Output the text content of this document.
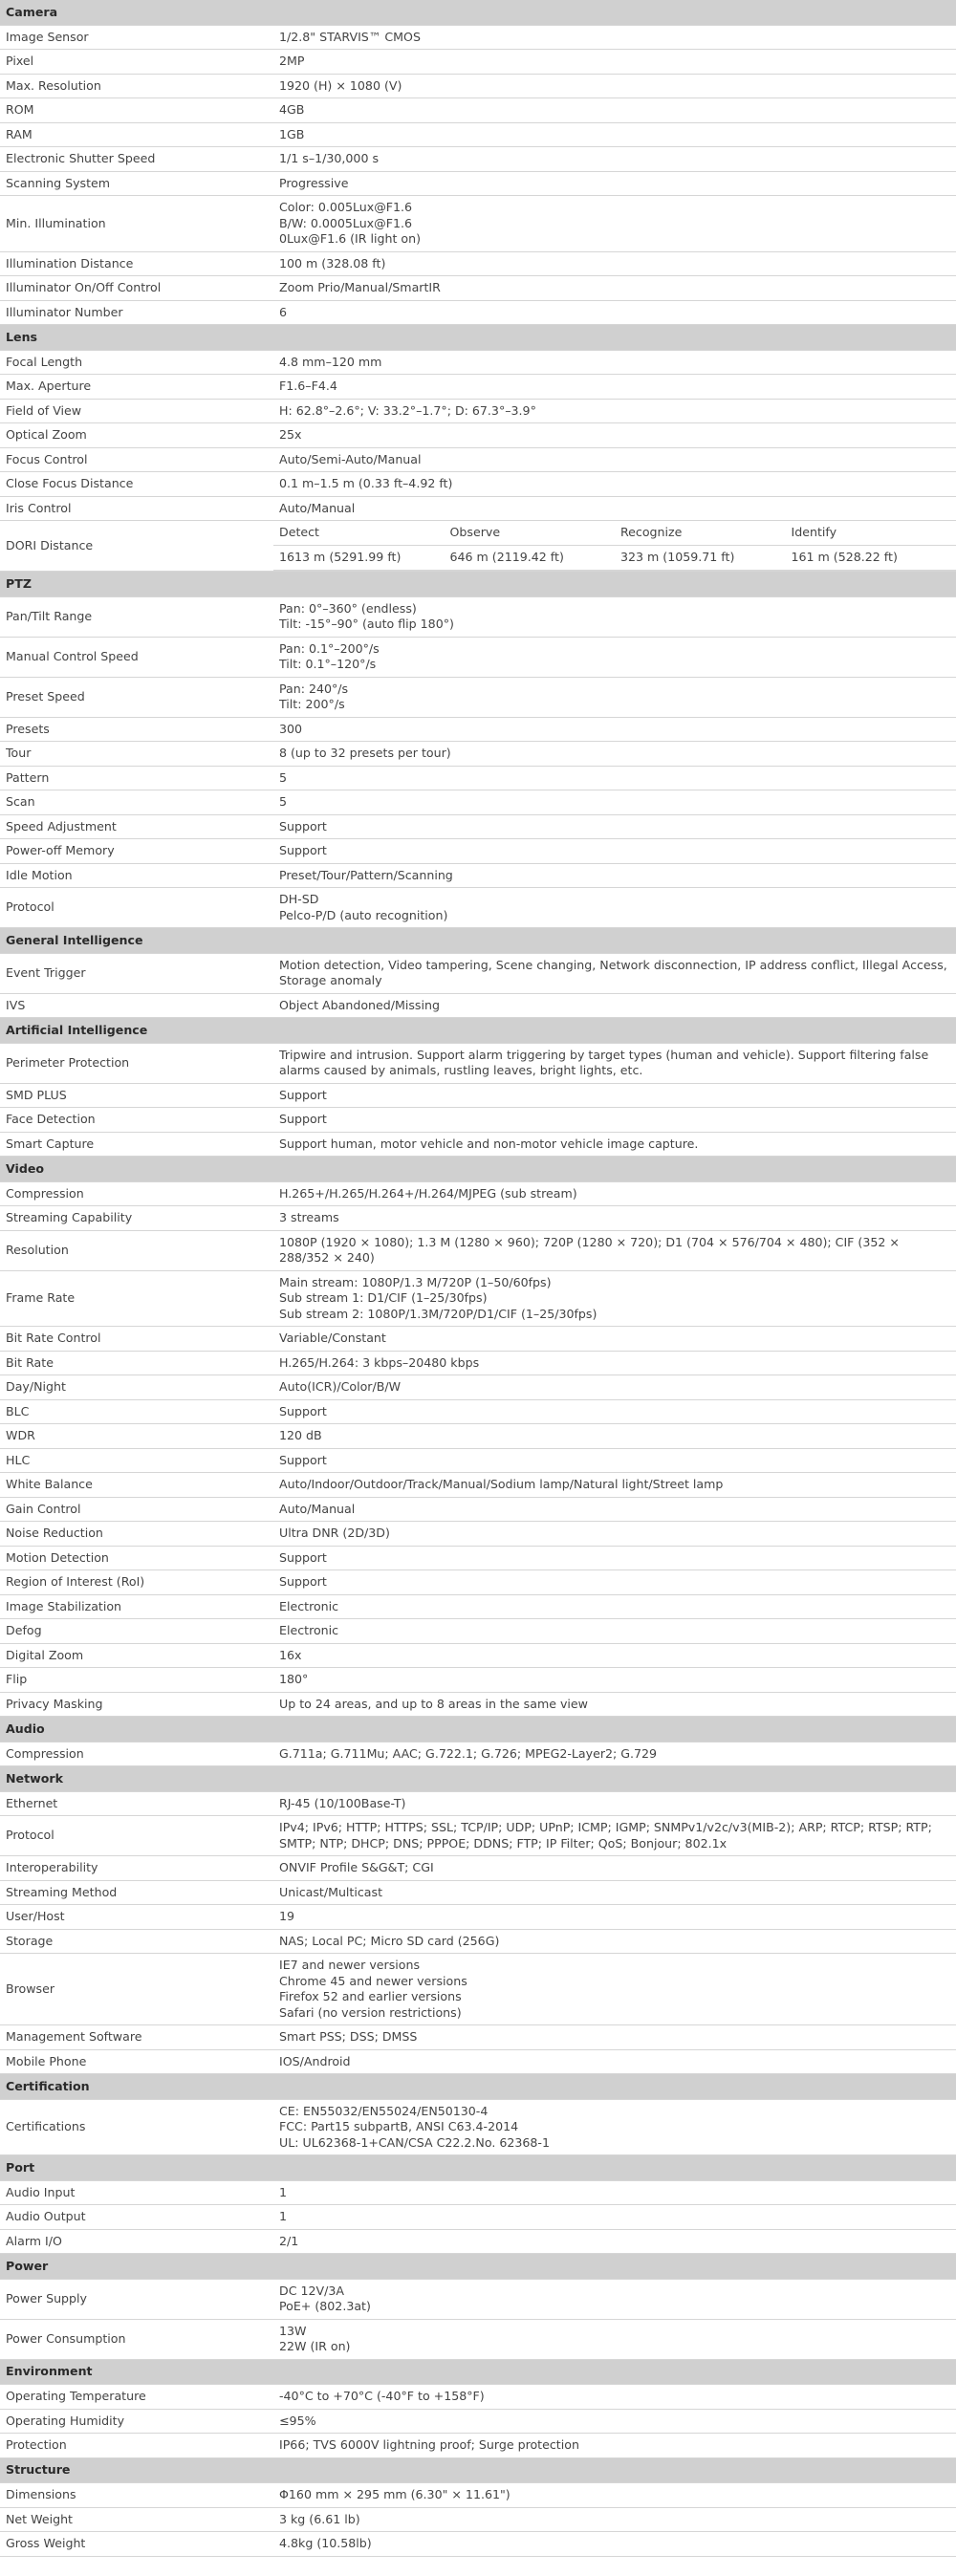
Camera
Image Sensor	1/2.8" STARVIS™ CMOS

Pixel	2MP

Max. Resolution	1920 (H) × 1080 (V)

ROM	4GB

RAM	1GB

Electronic Shutter Speed	1/1 s–1/30,000 s

Scanning System	Progressive

Min. Illumination	
Color: 0.005Lux@F1.6
B/W: 0.0005Lux@F1.6
0Lux@F1.6 (IR light on)

Illumination Distance	100 m (328.08 ft)

Illuminator On/Off Control	Zoom Prio/Manual/SmartIR

Illuminator Number	6

Lens
Focal Length	4.8 mm–120 mm

Max. Aperture	F1.6–F4.4

Field of View	H: 62.8°–2.6°; V: 33.2°–1.7°; D: 67.3°–3.9°

Optical Zoom	25x

Focus Control	Auto/Semi-Auto/Manual

Close Focus Distance	0.1 m–1.5 m (0.33 ft–4.92 ft)

Iris Control	Auto/Manual

DORI Distance	
Detect	Observe	Recognize	Identify
1613 m (5291.99 ft)	646 m (2119.42 ft)	323 m (1059.71 ft)	161 m (528.22 ft)

PTZ
Pan/Tilt Range	
Pan: 0°–360° (endless)
Tilt: -15°–90° (auto flip 180°)

Manual Control Speed	
Pan: 0.1°–200°/s
Tilt: 0.1°–120°/s

Preset Speed	
Pan: 240°/s
Tilt: 200°/s

Presets	300

Tour	8 (up to 32 presets per tour)

Pattern	5

Scan	5

Speed Adjustment	Support

Power-off Memory	Support

Idle Motion	Preset/Tour/Pattern/Scanning

Protocol	
DH-SD
Pelco-P/D (auto recognition)

General Intelligence
Event Trigger	
Motion detection, Video tampering, Scene changing, Network disconnection, IP address conflict, Illegal Access, Storage anomaly

IVS	Object Abandoned/Missing

Artificial Intelligence
Perimeter Protection	
Tripwire and intrusion. Support alarm triggering by target types (human and vehicle). Support filtering false alarms caused by animals, rustling leaves, bright lights, etc.

SMD PLUS	Support

Face Detection	Support

Smart Capture	Support human, motor vehicle and non-motor vehicle image capture.

Video
Compression	H.265+/H.265/H.264+/H.264/MJPEG (sub stream)

Streaming Capability	3 streams

Resolution	
1080P (1920 × 1080); 1.3 M (1280 × 960); 720P (1280 × 720); D1 (704 × 576/704 × 480); CIF (352 × 288/352 × 240)

Frame Rate	
Main stream: 1080P/1.3 M/720P (1–50/60fps)
Sub stream 1: D1/CIF (1–25/30fps)
Sub stream 2: 1080P/1.3M/720P/D1/CIF (1–25/30fps)

Bit Rate Control	Variable/Constant

Bit Rate	H.265/H.264: 3 kbps–20480 kbps

Day/Night	Auto(ICR)/Color/B/W

BLC	Support

WDR	120 dB

HLC	Support

White Balance	Auto/Indoor/Outdoor/Track/Manual/Sodium lamp/Natural light/Street lamp

Gain Control	Auto/Manual

Noise Reduction	Ultra DNR (2D/3D)

Motion Detection	Support

Region of Interest (RoI)	Support

Image Stabilization	Electronic

Defog	Electronic

Digital Zoom	16x

Flip	180°

Privacy Masking	Up to 24 areas, and up to 8 areas in the same view

Audio
Compression	G.711a; G.711Mu; AAC; G.722.1; G.726; MPEG2-Layer2; G.729

Network
Ethernet	RJ-45 (10/100Base-T)

Protocol	
IPv4; IPv6; HTTP; HTTPS; SSL; TCP/IP; UDP; UPnP; ICMP; IGMP; SNMPv1/v2c/v3(MIB-2); ARP; RTCP; RTSP; RTP; SMTP; NTP; DHCP; DNS; PPPOE; DDNS; FTP; IP Filter; QoS; Bonjour; 802.1x

Interoperability	ONVIF Profile S&G&T; CGI

Streaming Method	Unicast/Multicast

User/Host	19

Storage	NAS; Local PC; Micro SD card (256G)

Browser	
IE7 and newer versions
Chrome 45 and newer versions
Firefox 52 and earlier versions
Safari (no version restrictions)

Management Software	Smart PSS; DSS; DMSS

Mobile Phone	IOS/Android

Certification
Certifications	
CE: EN55032/EN55024/EN50130-4
FCC: Part15 subpartB, ANSI C63.4-2014
UL: UL62368-1+CAN/CSA C22.2.No. 62368-1

Port
Audio Input	1

Audio Output	1

Alarm I/O	2/1

Power
Power Supply	
DC 12V/3A
PoE+ (802.3at)

Power Consumption	
13W
22W (IR on)

Environment
Operating Temperature	-40°C to +70°C (-40°F to +158°F)

Operating Humidity	≤95%

Protection	IP66; TVS 6000V lightning proof; Surge protection

Structure
Dimensions	Φ160 mm × 295 mm (6.30" × 11.61")

Net Weight	3 kg (6.61 lb)

Gross Weight	4.8kg (10.58lb)
